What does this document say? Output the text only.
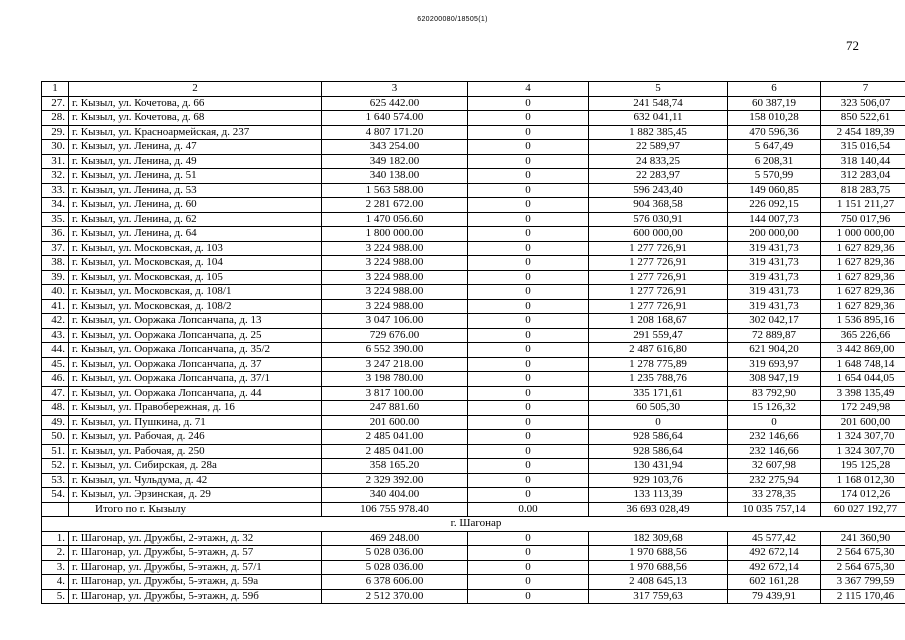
620200080/18505(1)
72
1	2	3	4	5	6	7
27.	г. Кызыл, ул. Кочетова, д. 66	625 442.00	0	241 548,74	60 387,19	323 506,07
28.	г. Кызыл, ул. Кочетова, д. 68	1 640 574.00	0	632 041,11	158 010,28	850 522,61
29.	г. Кызыл, ул. Красноармейская, д. 237	4 807 171.20	0	1 882 385,45	470 596,36	2 454 189,39
30.	г. Кызыл, ул. Ленина, д. 47	343 254.00	0	22 589,97	5 647,49	315 016,54
31.	г. Кызыл, ул. Ленина, д. 49	349 182.00	0	24 833,25	6 208,31	318 140,44
32.	г. Кызыл, ул. Ленина, д. 51	340 138.00	0	22 283,97	5 570,99	312 283,04
33.	г. Кызыл, ул. Ленина, д. 53	1 563 588.00	0	596 243,40	149 060,85	818 283,75
34.	г. Кызыл, ул. Ленина, д. 60	2 281 672.00	0	904 368,58	226 092,15	1 151 211,27
35.	г. Кызыл, ул. Ленина, д. 62	1 470 056.60	0	576 030,91	144 007,73	750 017,96
36.	г. Кызыл, ул. Ленина, д. 64	1 800 000.00	0	600 000,00	200 000,00	1 000 000,00
37.	г. Кызыл, ул. Московская, д. 103	3 224 988.00	0	1 277 726,91	319 431,73	1 627 829,36
38.	г. Кызыл, ул. Московская, д. 104	3 224 988.00	0	1 277 726,91	319 431,73	1 627 829,36
39.	г. Кызыл, ул. Московская, д. 105	3 224 988.00	0	1 277 726,91	319 431,73	1 627 829,36
40.	г. Кызыл, ул. Московская, д. 108/1	3 224 988.00	0	1 277 726,91	319 431,73	1 627 829,36
41.	г. Кызыл, ул. Московская, д. 108/2	3 224 988.00	0	1 277 726,91	319 431,73	1 627 829,36
42.	г. Кызыл, ул. Ооржака Лопсанчапа, д. 13	3 047 106.00	0	1 208 168,67	302 042,17	1 536 895,16
43.	г. Кызыл, ул. Ооржака Лопсанчапа, д. 25	729 676.00	0	291 559,47	72 889,87	365 226,66
44.	г. Кызыл, ул. Ооржака Лопсанчапа, д. 35/2	6 552 390.00	0	2 487 616,80	621 904,20	3 442 869,00
45.	г. Кызыл, ул. Ооржака Лопсанчапа, д. 37	3 247 218.00	0	1 278 775,89	319 693,97	1 648 748,14
46.	г. Кызыл, ул. Ооржака Лопсанчапа, д. 37/1	3 198 780.00	0	1 235 788,76	308 947,19	1 654 044,05
47.	г. Кызыл, ул. Ооржака Лопсанчапа, д. 44	3 817 100.00	0	335 171,61	83 792,90	3 398 135,49
48.	г. Кызыл, ул. Правобережная, д. 16	247 881.60	0	60 505,30	15 126,32	172 249,98
49.	г. Кызыл, ул. Пушкина, д. 71	201 600.00	0	0	0	201 600,00
50.	г. Кызыл, ул. Рабочая, д. 246	2 485 041.00	0	928 586,64	232 146,66	1 324 307,70
51.	г. Кызыл, ул. Рабочая, д. 250	2 485 041.00	0	928 586,64	232 146,66	1 324 307,70
52.	г. Кызыл, ул. Сибирская, д. 28а	358 165.20	0	130 431,94	32 607,98	195 125,28
53.	г. Кызыл, ул. Чульдума, д. 42	2 329 392.00	0	929 103,76	232 275,94	1 168 012,30
54.	г. Кызыл, ул. Эрзинская, д. 29	340 404.00	0	133 113,39	33 278,35	174 012,26
	Итого по г. Кызылу	106 755 978.40	0.00	36 693 028,49	10 035 757,14	60 027 192,77
г. Шагонар						
1.	г. Шагонар, ул. Дружбы, 2-этажн, д. 32	469 248.00	0	182 309,68	45 577,42	241 360,90
2.	г. Шагонар, ул. Дружбы, 5-этажн, д. 57	5 028 036.00	0	1 970 688,56	492 672,14	2 564 675,30
3.	г. Шагонар, ул. Дружбы, 5-этажн, д. 57/1	5 028 036.00	0	1 970 688,56	492 672,14	2 564 675,30
4.	г. Шагонар, ул. Дружбы, 5-этажн, д. 59а	6 378 606.00	0	2 408 645,13	602 161,28	3 367 799,59
5.	г. Шагонар, ул. Дружбы, 5-этажн, д. 59б	2 512 370.00	0	317 759,63	79 439,91	2 115 170,46
